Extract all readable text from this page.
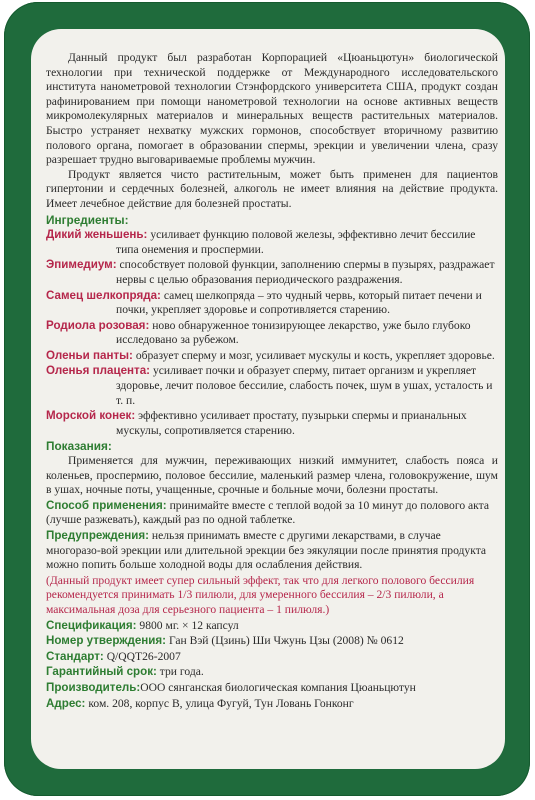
Данный продукт был разработан Корпорацией «Цюаньцютун» биологической технологии при технической поддержке от Международного исследовательского института нанометровой технологии Стэнфордского университета США, продукт создан рафинированием при помощи нанометровой технологии на основе активных веществ микромолекулярных материалов и минеральных веществ растительных материалов. Быстро устраняет нехватку мужских гормонов, способствует вторичному развитию полового органа, помогает в образовании спермы, эрекции и увеличении члена, сразу разрешает трудно выговариваемые проблемы мужчин.

Продукт является чисто растительным, может быть применен для пациентов гипертонии и сердечных болезней, алкоголь не имеет влияния на действие продукта. Имеет лечебное действие для болезней простаты.

Ингредиенты:
Дикий женьшень: усиливает функцию половой железы, эффективно лечит бессилие типа онемения и проспермии.
Эпимедиум: способствует половой функции, заполнению спермы в пузырях, раздражает нервы с целью образования периодического раздражения.
Самец шелкопряда: самец шелкопряда – это чудный червь, который питает печени и почки, укрепляет здоровье и сопротивляется старению.
Родиола розовая: ново обнаруженное тонизирующее лекарство, уже было глубоко исследовано за рубежом.
Оленьи панты: образует сперму и мозг, усиливает мускулы и кость, укрепляет здоровье.
Оленья плацента: усиливает почки и образует сперму, питает организм и укрепляет здоровье, лечит половое бессилие, слабость почек, шум в ушах, усталость и т. п.
Морской конек: эффективно усиливает простату, пузырьки спермы и прианальных мускулы, сопротивляется старению.
Показания:

Применяется для мужчин, переживающих низкий иммунитет, слабость пояса и коленьев, проспермию, половое бессилие, маленький размер члена, головокружение, шум в ушах, ночные поты, учащенные, срочные и больные мочи, болезни простаты.

Способ применения: принимайте вместе с теплой водой за 10 минут до полового акта (лучше разжевать), каждый раз по одной таблетке.
Предупреждения: нельзя принимать вместе с другими лекарствами, в случае многоразо-вой эрекции или длительной эрекции без эякуляции после принятия продукта можно попить больше холодной воды для ослабления действия.

(Данный продукт имеет супер сильный эффект, так что для легкого полового бессилия рекомендуется принимать 1/3 пилюли, для умеренного бессилия – 2/3 пилюли, а максимальная доза для серьезного пациента – 1 пилюля.)

Спецификация: 9800 мг. × 12 капсул
Номер утверждения: Ган Вэй (Цзинь) Ши Чжунь Цзы (2008) № 0612
Стандарт: Q/QQT26-2007
Гарантийный срок: три года.
Производитель:ООО сянганская биологическая компания Цюаньцютун
Адрес: ком. 208, корпус В, улица Фугуй, Тун Ловань Гонконг
